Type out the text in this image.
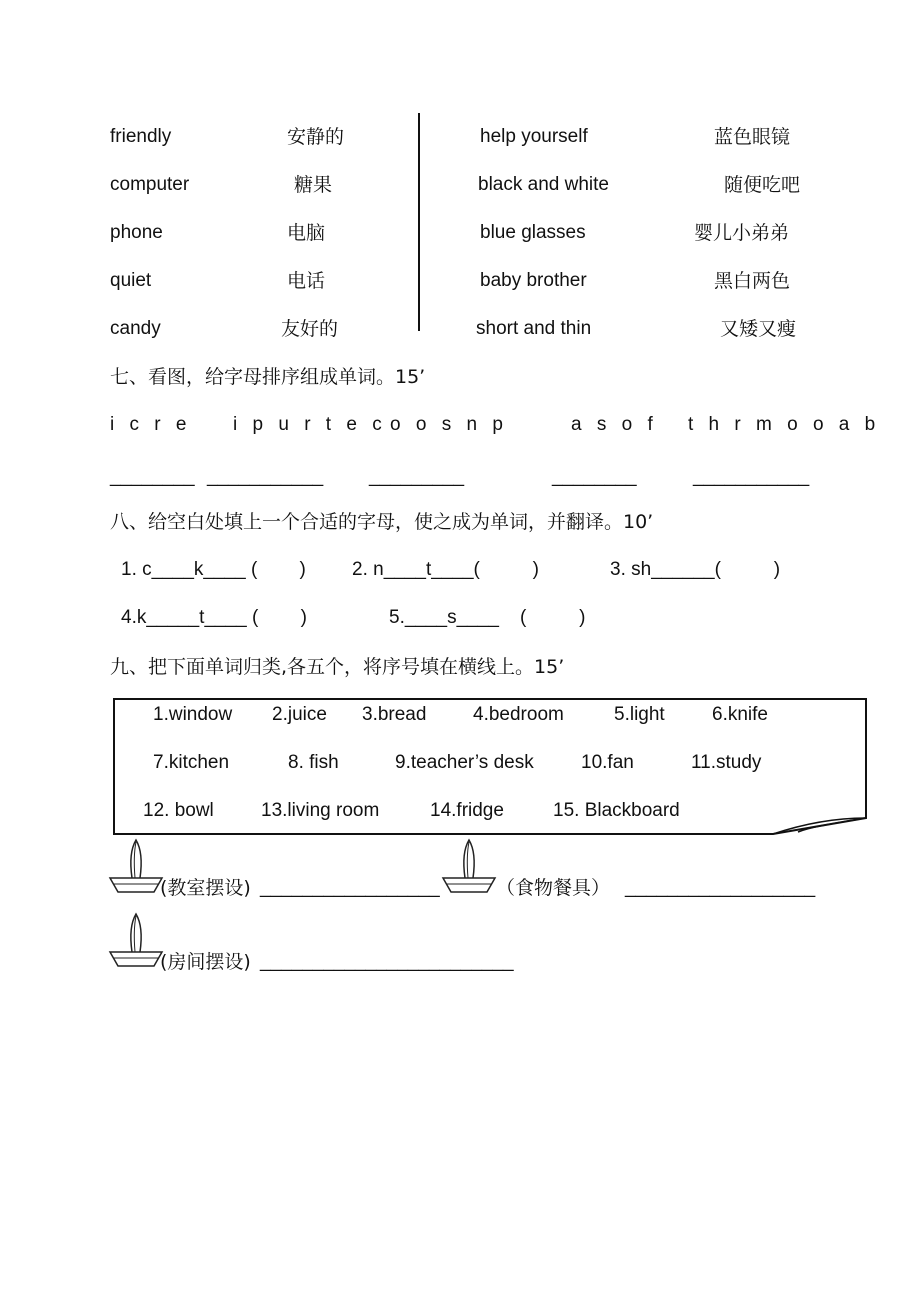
friendly	安静的
computer	糖果
phone	电脑
quiet	电话
candy	友好的
help yourself	蓝色眼镜
black and white	随便吃吧
blue glasses	婴儿小弟弟
baby brother	黑白两色
short and thin	又矮又瘦
七、看图，给字母排序组成单词。15’
i c r e i p u r t e c o o s n p	a s o f t h r m o o a b
________ ___________ _________	________	___________
八、给空白处填上一个合适的字母，使之成为单词，并翻译。10’
1. c____k____ (        ) 2. n____t____(          )	3. sh______(          )
4.k_____t____ (        )	5.____s____    (          )
九、把下面单词归类,各五个，将序号填在横线上。15’
1.window 2.juice 3.bread 4.bedroom	5.light 6.knife
7.kitchen	8. fish	9.teacher’s desk 10.fan	11.study
12. bowl 13.living room	14.fridge	15. Blackboard
(教室摆设) _________________	（食物餐具） __________________
(房间摆设) ________________________
